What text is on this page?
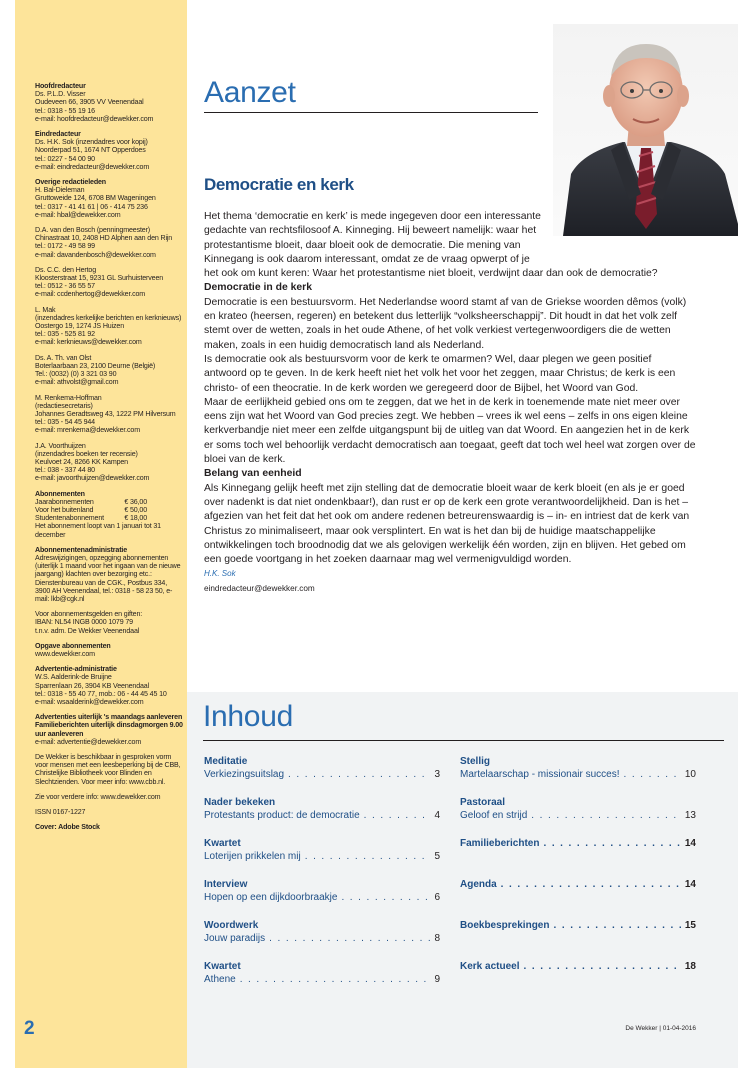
Hoofdredacteur
Ds. P.L.D. Visser
Oudeveen 66, 3905 VV Veenendaal
tel.: 0318 - 55 19 16
e-mail: hoofdredacteur@dewekker.com
Eindredacteur
Ds. H.K. Sok (inzendadres voor kopij)
Noorderpad 51, 1674 NT Opperdoes
tel.: 0227 - 54 00 90
e-mail: eindredacteur@dewekker.com
Overige redactieleden
H. Bal-Dieleman
Gruttoweide 124, 6708 BM Wageningen
tel.: 0317 - 41 41 61 | 06 - 414 75 236
e-mail: hbal@dewekker.com
D.A. van den Bosch (penningmeester)
Chinastraat 10, 2408 HD Alphen aan den Rijn
tel.: 0172 - 49 58 99
e-mail: davandenbosch@dewekker.com
Ds. C.C. den Hertog
Kloosterstraat 15, 9231 GL Surhuisterveen
tel.: 0512 - 36 55 57
e-mail: ccdenhertog@dewekker.com
L. Mak
(inzendadres kerkelijke berichten en kerknieuws)
Oostergo 19, 1274 JS Huizen
tel.: 035 - 525 81 92
e-mail: kerknieuws@dewekker.com
Ds. A. Th. van Olst
Boterlaarbaan 23, 2100 Deurne (België)
Tel.: (0032) (0) 3 321 03 90
e-mail: athvolst@gmail.com
M. Renkema-Hoffman
(redactiesecretaris)
Johannes Geradtsweg 43, 1222 PM Hilversum
tel.: 035 - 54 45 944
e-mail: mrenkema@dewekker.com
J.A. Voorthuijzen
(inzendadres boeken ter recensie)
Keulvoet 24, 8266 KK Kampen
tel.: 038 - 337 44 80
e-mail: javoorthuijzen@dewekker.com
Abonnementen
Jaarabonnementen	€ 36,00
Voor het buitenland	€ 50,00
Studentenabonnement	€ 18,00
Het abonnement loopt van 1 januari tot 31 december
Abonnementenadministratie
Adreswijzigingen, opzegging abonnementen (uiterlijk 1 maand voor het ingaan van de nieuwe jaargang) klachten over bezorging etc.: Dienstenbureau van de CGK., Postbus 334, 3900 AH Veenendaal, tel.: 0318 - 58 23 50, e-mail: lkb@cgk.nl
Voor abonnementsgelden en giften:
IBAN: NL54 INGB 0000 1079 79
t.n.v. adm. De Wekker Veenendaal
Opgave abonnementen
www.dewekker.com
Advertentie-administratie
W.S. Aalderink-de Bruijne
Sparrenlaan 26, 3904 KB Veenendaal
tel.: 0318 - 55 40 77, mob.: 06 - 44 45 45 10
e-mail: wsaalderink@dewekker.com
Advertenties uiterlijk 's maandags aanleveren
Familieberichten uiterlijk dinsdagmorgen 9.00 uur aanleveren
e-mail: advertentie@dewekker.com
De Wekker is beschikbaar in gesproken vorm voor mensen met een leesbeperking bij de CBB, Christelijke Bibliotheek voor Blinden en Slechtzienden. Voor meer info: www.cbb.nl.
Zie voor verdere info: www.dewekker.com
ISSN 0167-1227
Cover: Adobe Stock
2
Aanzet
Democratie en kerk

Het thema ‘democratie en kerk’ is mede ingegeven door een interessante gedachte van rechtsfilosoof A. Kinneging. Hij beweert namelijk: waar het protestantisme bloeit, daar bloeit ook de democratie. Die mening van Kinnegang is ook daarom interessant, omdat ze de vraag opwerpt of je

het ook om kunt keren: Waar het protestantisme niet bloeit, verdwijnt daar dan ook de democratie?

Democratie in de kerk

Democratie is een bestuursvorm. Het Nederlandse woord stamt af van de Griekse woorden dêmos (volk) en krateo (heersen, regeren) en betekent dus letterlijk “volksheerschappij”. Dit houdt in dat het volk zelf stemt over de wetten, zoals in het oude Athene, of het volk verkiest vertegenwoordigers die de wetten maken, zoals in een huidig democratisch land als Nederland.

Is democratie ook als bestuursvorm voor de kerk te omarmen? Wel, daar plegen we geen positief antwoord op te geven. In de kerk heeft niet het volk het voor het zeggen, maar Christus; de kerk is een christo- of een theocratie. In de kerk worden we geregeerd door de Bijbel, het Woord van God.

Maar de eerlijkheid gebied ons om te zeggen, dat we het in de kerk in toenemende mate niet meer over eens zijn wat het Woord van God precies zegt. We hebben – vrees ik wel eens – zelfs in ons eigen kleine kerkverbandje niet meer een zelfde uitgangspunt bij de uitleg van dat Woord. En aangezien het in de kerk er soms toch wel behoorlijk verdacht democratisch aan toegaat, geeft dat toch wel heel wat zorgen over de bloei van de kerk.

Belang van eenheid

Als Kinnegang gelijk heeft met zijn stelling dat de democratie bloeit waar de kerk bloeit (en als je er goed over nadenkt is dat niet ondenkbaar!), dan rust er op de kerk een grote verantwoordelijkheid. Dan is het – afgezien van het feit dat het ook om andere redenen betreurenswaardig is – in- en intriest dat de kerk van Christus zo minimaliseert, maar ook versplintert. En wat is het dan bij de huidige maatschappelijke ontwikkelingen toch broodnodig dat we als gelovigen werkelijk één worden, zijn en blijven. Het gebed om een goede voortgang in het zoeken daarnaar mag wel vermenigvuldigd worden.

H.K. Sok

eindredacteur@dewekker.com

Inhoud
Meditatie
Verkiezingsuitslag . . .	3
Nader bekeken
Protestants product: de democratie . . .	4
Kwartet
Loterijen prikkelen mij . . .	5
Interview
Hopen op een dijkdoorbraakje . . .	6
Woordwerk
Jouw paradijs . . .	8
Kwartet
Athene . . .	9
Stellig
Martelaarschap - missionair succes! . . .	10
Pastoraal
Geloof en strijd . . .	13
Familieberichten . . .	14
Agenda . . .	14
Boekbesprekingen . . .	15
Kerk actueel . . .	18
De Wekker | 01-04-2016
